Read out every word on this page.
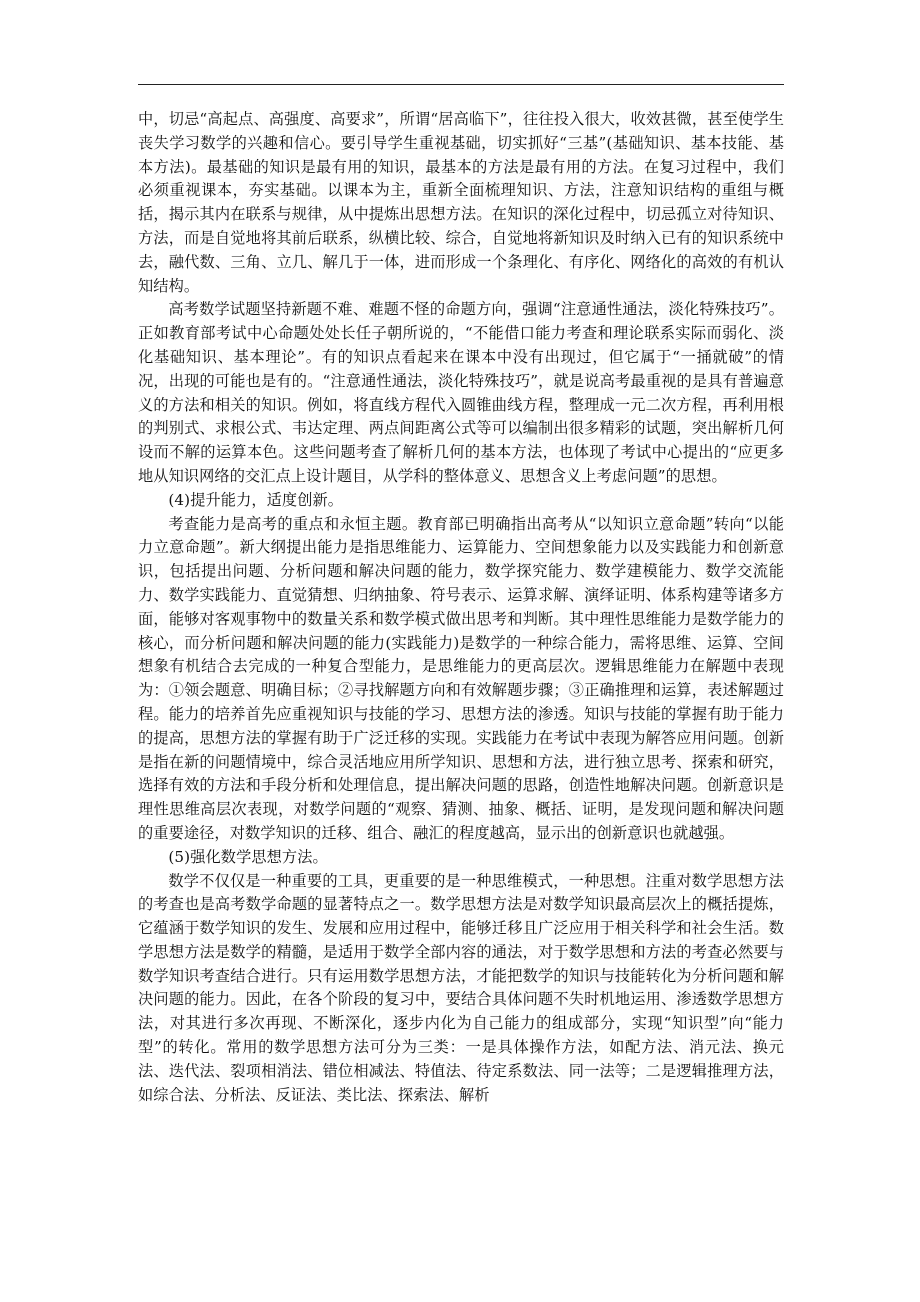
中，切忌“高起点、高强度、高要求”，所谓“居高临下”，往往投入很大，收效甚微，甚至使学生丧失学习数学的兴趣和信心。要引导学生重视基础，切实抓好“三基”(基础知识、基本技能、基本方法)。最基础的知识是最有用的知识，最基本的方法是最有用的方法。在复习过程中，我们必须重视课本，夯实基础。以课本为主，重新全面梳理知识、方法，注意知识结构的重组与概括，揭示其内在联系与规律，从中提炼出思想方法。在知识的深化过程中，切忌孤立对待知识、方法，而是自觉地将其前后联系，纵横比较、综合，自觉地将新知识及时纳入已有的知识系统中去，融代数、三角、立几、解几于一体，进而形成一个条理化、有序化、网络化的高效的有机认知结构。

高考数学试题坚持新题不难、难题不怪的命题方向，强调“注意通性通法，淡化特殊技巧”。正如教育部考试中心命题处处长任子朝所说的，“不能借口能力考查和理论联系实际而弱化、淡化基础知识、基本理论”。有的知识点看起来在课本中没有出现过，但它属于“一捅就破”的情况，出现的可能也是有的。“注意通性通法，淡化特殊技巧”，就是说高考最重视的是具有普遍意义的方法和相关的知识。例如，将直线方程代入圆锥曲线方程，整理成一元二次方程，再利用根的判别式、求根公式、韦达定理、两点间距离公式等可以编制出很多精彩的试题，突出解析几何设而不解的运算本色。这些问题考查了解析几何的基本方法，也体现了考试中心提出的“应更多地从知识网络的交汇点上设计题目，从学科的整体意义、思想含义上考虑问题”的思想。

(4)提升能力，适度创新。

考查能力是高考的重点和永恒主题。教育部已明确指出高考从“以知识立意命题”转向“以能力立意命题”。新大纲提出能力是指思维能力、运算能力、空间想象能力以及实践能力和创新意识，包括提出问题、分析问题和解决问题的能力，数学探究能力、数学建模能力、数学交流能力、数学实践能力、直觉猜想、归纳抽象、符号表示、运算求解、演绎证明、体系构建等诸多方面，能够对客观事物中的数量关系和数学模式做出思考和判断。其中理性思维能力是数学能力的核心，而分析问题和解决问题的能力(实践能力)是数学的一种综合能力，需将思维、运算、空间想象有机结合去完成的一种复合型能力，是思维能力的更高层次。逻辑思维能力在解题中表现为：①领会题意、明确目标；②寻找解题方向和有效解题步骤；③正确推理和运算，表述解题过程。能力的培养首先应重视知识与技能的学习、思想方法的渗透。知识与技能的掌握有助于能力的提高，思想方法的掌握有助于广泛迁移的实现。实践能力在考试中表现为解答应用问题。创新是指在新的问题情境中，综合灵活地应用所学知识、思想和方法，进行独立思考、探索和研究，选择有效的方法和手段分析和处理信息，提出解决问题的思路，创造性地解决问题。创新意识是理性思维高层次表现，对数学问题的“观察、猜测、抽象、概括、证明，是发现问题和解决问题的重要途径，对数学知识的迁移、组合、融汇的程度越高，显示出的创新意识也就越强。

(5)强化数学思想方法。

数学不仅仅是一种重要的工具，更重要的是一种思维模式，一种思想。注重对数学思想方法的考查也是高考数学命题的显著特点之一。数学思想方法是对数学知识最高层次上的概括提炼，它蕴涵于数学知识的发生、发展和应用过程中，能够迁移且广泛应用于相关科学和社会生活。数学思想方法是数学的精髓，是适用于数学全部内容的通法，对于数学思想和方法的考查必然要与数学知识考查结合进行。只有运用数学思想方法，才能把数学的知识与技能转化为分析问题和解决问题的能力。因此，在各个阶段的复习中，要结合具体问题不失时机地运用、渗透数学思想方法，对其进行多次再现、不断深化，逐步内化为自己能力的组成部分，实现“知识型”向“能力型”的转化。常用的数学思想方法可分为三类：一是具体操作方法，如配方法、消元法、换元法、迭代法、裂项相消法、错位相减法、特值法、待定系数法、同一法等；二是逻辑推理方法，如综合法、分析法、反证法、类比法、探索法、解析
